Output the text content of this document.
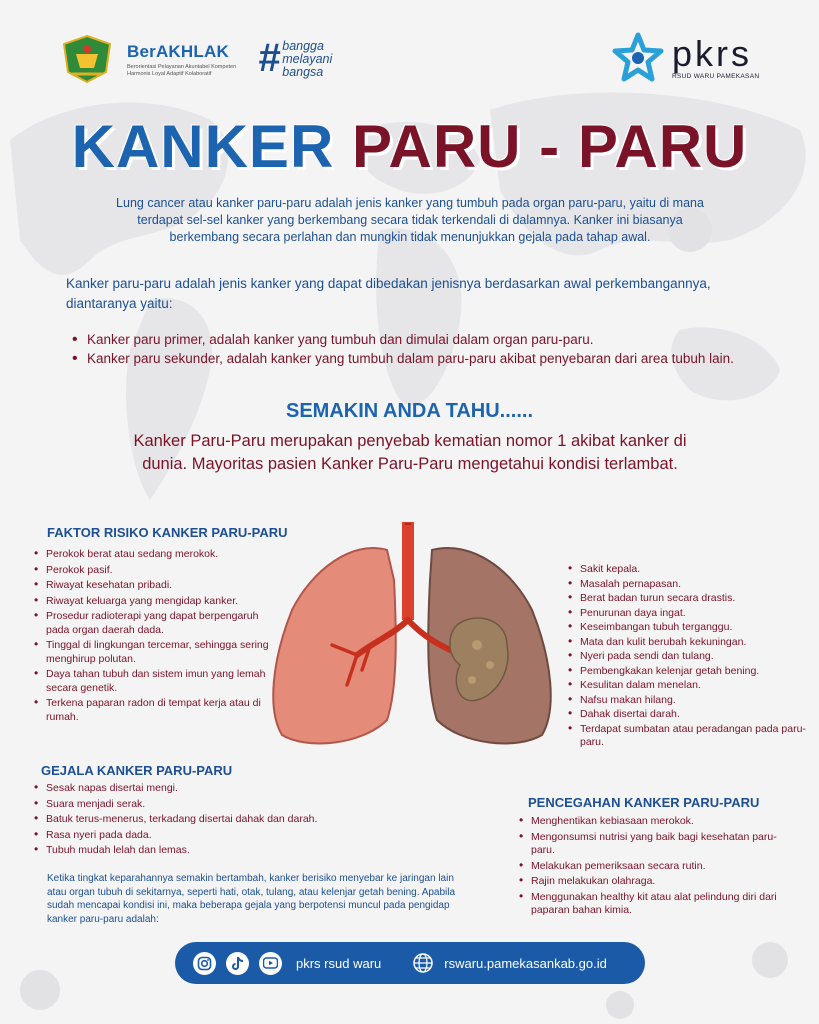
BerAKHLAK
Berorientasi Pelayanan Akuntabel Kompeten Harmonis Loyal Adaptif Kolaboratif	# bangga
melayani
bangsa	pkrs
RSUD WARU PAMEKASAN
KANKER PARU - PARU

Lung cancer atau kanker paru-paru adalah jenis kanker yang tumbuh pada organ paru-paru, yaitu di mana terdapat sel-sel kanker yang berkembang secara tidak terkendali di dalamnya. Kanker ini biasanya berkembang secara perlahan dan mungkin tidak menunjukkan gejala pada tahap awal.

Kanker paru-paru adalah jenis kanker yang dapat dibedakan jenisnya berdasarkan awal perkembangannya, diantaranya yaitu:

• Kanker paru primer, adalah kanker yang tumbuh dan dimulai dalam organ paru-paru.
• Kanker paru sekunder, adalah kanker yang tumbuh dalam paru-paru akibat penyebaran dari area tubuh lain.
SEMAKIN ANDA TAHU......

Kanker Paru-Paru merupakan penyebab kematian nomor 1 akibat kanker di dunia. Mayoritas pasien Kanker Paru-Paru mengetahui kondisi terlambat.

FAKTOR RISIKO KANKER PARU-PARU
• Perokok berat atau sedang merokok.
• Perokok pasif.
• Riwayat kesehatan pribadi.
• Riwayat keluarga yang mengidap kanker.
• Prosedur radioterapi yang dapat berpengaruh pada organ daerah dada.
• Tinggal di lingkungan tercemar, sehingga sering menghirup polutan.
• Daya tahan tubuh dan sistem imun yang lemah secara genetik.
• Terkena paparan radon di tempat kerja atau di rumah.
• Sakit kepala.
• Masalah pernapasan.
• Berat badan turun secara drastis.
• Penurunan daya ingat.
• Keseimbangan tubuh terganggu.
• Mata dan kulit berubah kekuningan.
• Nyeri pada sendi dan tulang.
• Pembengkakan kelenjar getah bening.
• Kesulitan dalam menelan.
• Nafsu makan hilang.
• Dahak disertai darah.
• Terdapat sumbatan atau peradangan pada paru-paru.
GEJALA KANKER PARU-PARU
• Sesak napas disertai mengi.
• Suara menjadi serak.
• Batuk terus-menerus, terkadang disertai dahak dan darah.
• Rasa nyeri pada dada.
• Tubuh mudah lelah dan lemas.

Ketika tingkat keparahannya semakin bertambah, kanker berisiko menyebar ke jaringan lain atau organ tubuh di sekitarnya, seperti hati, otak, tulang, atau kelenjar getah bening. Apabila sudah mencapai kondisi ini, maka beberapa gejala yang berpotensi muncul pada pengidap kanker paru-paru adalah:

PENCEGAHAN KANKER PARU-PARU
• Menghentikan kebiasaan merokok.
• Mengonsumsi nutrisi yang baik bagi kesehatan paru-paru.
• Melakukan pemeriksaan secara rutin.
• Rajin melakukan olahraga.
• Menggunakan healthy kit atau alat pelindung diri dari paparan bahan kimia.
pkrs rsud waru	rswaru.pamekasankab.go.id
